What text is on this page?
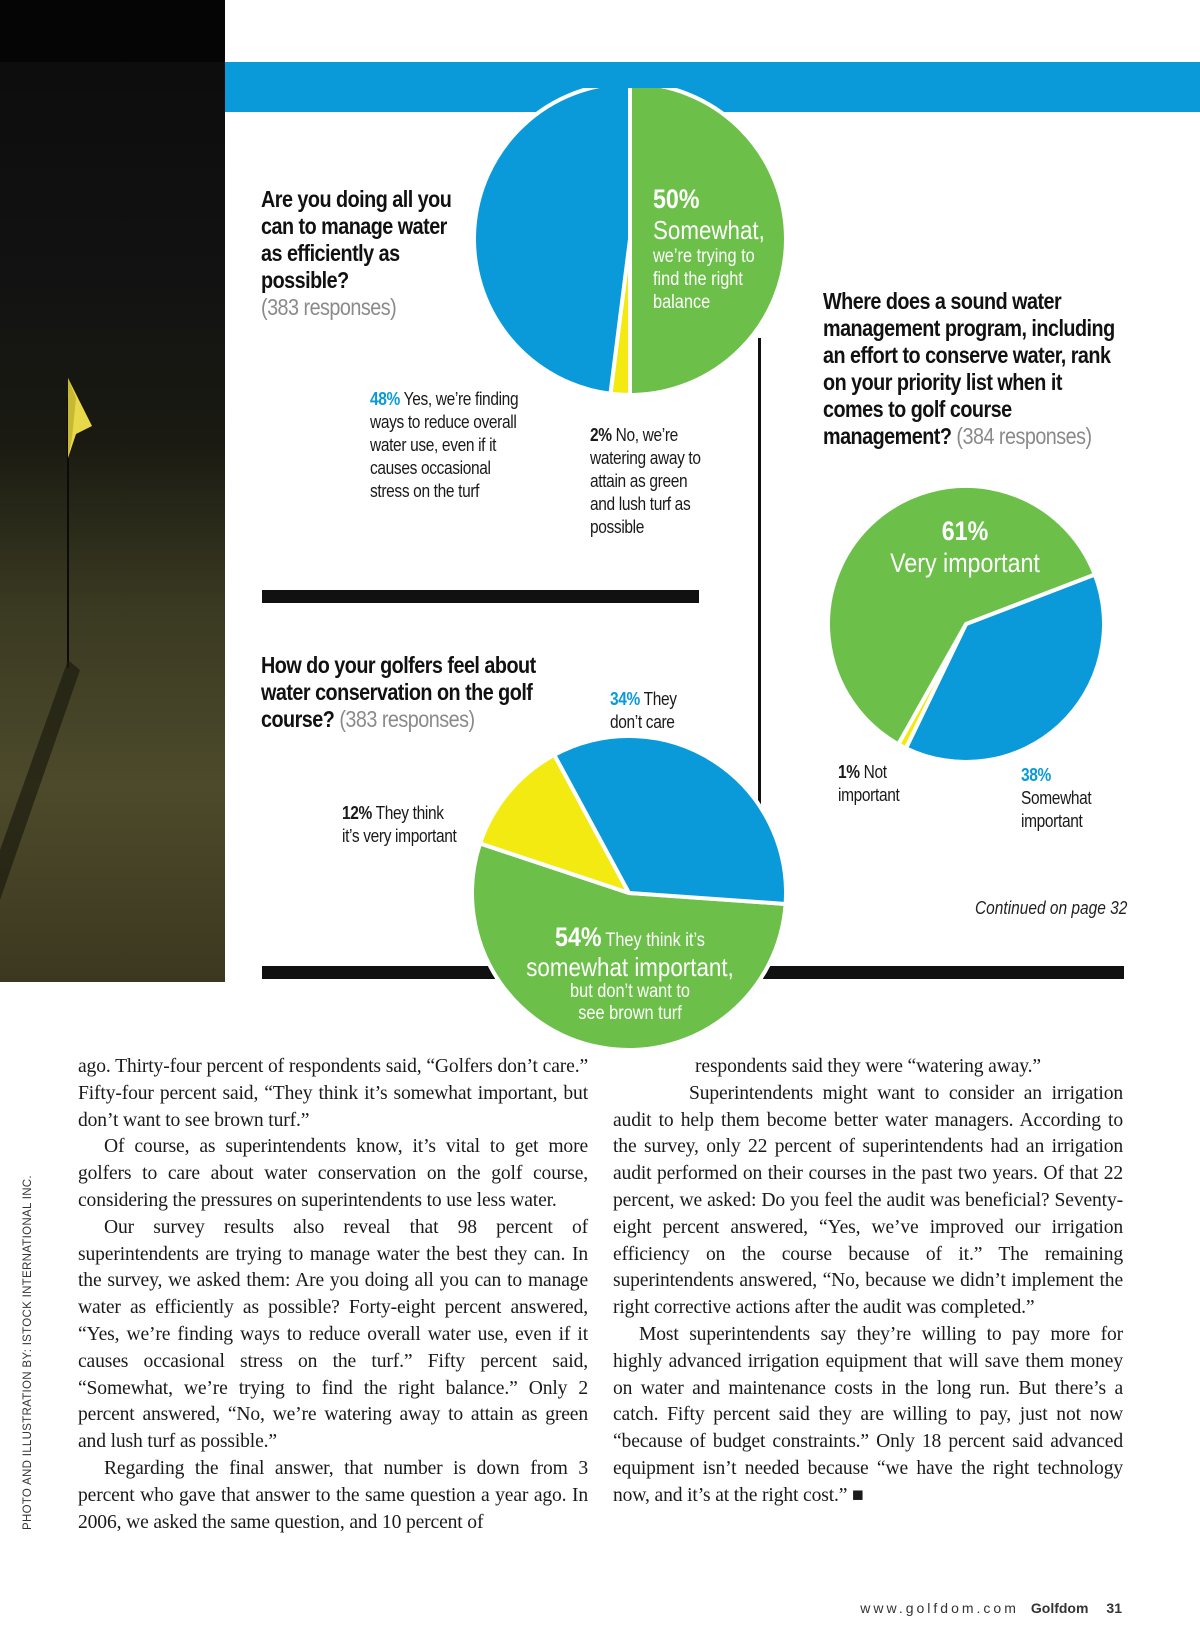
Are you doing all you can to manage water as efficiently as possible?
(383 responses)
50%
Somewhat,
we’re trying to find the right balance
48% Yes, we’re finding ways to reduce overall water use, even if it causes occasional stress on the turf
2% No, we’re watering away to attain as green and lush turf as possible
Where does a sound water management program, including an effort to conserve water, rank on your priority list when it comes to golf course management? (384 responses)
61%
Very important
1% Not important
38%
Somewhat important
Continued on page 32
How do your golfers feel about water conservation on the golf course? (383 responses)
34% They don’t care
12% They think it’s very important
54% They think it’s
somewhat important,
but don’t want to see brown turf

ago. Thirty-four percent of respondents said, “Golfers don’t care.” Fifty-four percent said, “They think it’s somewhat important, but don’t want to see brown turf.”

Of course, as superintendents know, it’s vital to get more golfers to care about water conservation on the golf course, considering the pressures on superintendents to use less water.

Our survey results also reveal that 98 percent of superintendents are trying to manage water the best they can. In the survey, we asked them: Are you doing all you can to manage water as efficiently as possible? Forty-eight percent answered, “Yes, we’re finding ways to reduce overall water use, even if it causes occasional stress on the turf.” Fifty percent said, “Somewhat, we’re trying to find the right balance.” Only 2 percent answered, “No, we’re watering away to attain as green and lush turf as possible.”

Regarding the final answer, that number is down from 3 percent who gave that answer to the same question a year ago. In 2006, we asked the same question, and 10 percent of

respondents said they were “watering away.”

Superintendents might want to consider an irrigation audit to help them become better water managers. According to the survey, only 22 percent of superintendents had an irrigation audit performed on their courses in the past two years. Of that 22 percent, we asked: Do you feel the audit was beneficial? Seventy-eight percent answered, “Yes, we’ve improved our irrigation efficiency on the course because of it.” The remaining superintendents answered, “No, because we didn’t implement the right corrective actions after the audit was completed.”

Most superintendents say they’re willing to pay more for highly advanced irrigation equipment that will save them money on water and maintenance costs in the long run. But there’s a catch. Fifty percent said they are willing to pay, just not now “because of budget constraints.” Only 18 percent said advanced equipment isn’t needed because “we have the right technology now, and it’s at the right cost.” ■

PHOTO AND ILLUSTRATION BY: ISTOCK INTERNATIONAL INC.
www.golfdom.com Golfdom 31
